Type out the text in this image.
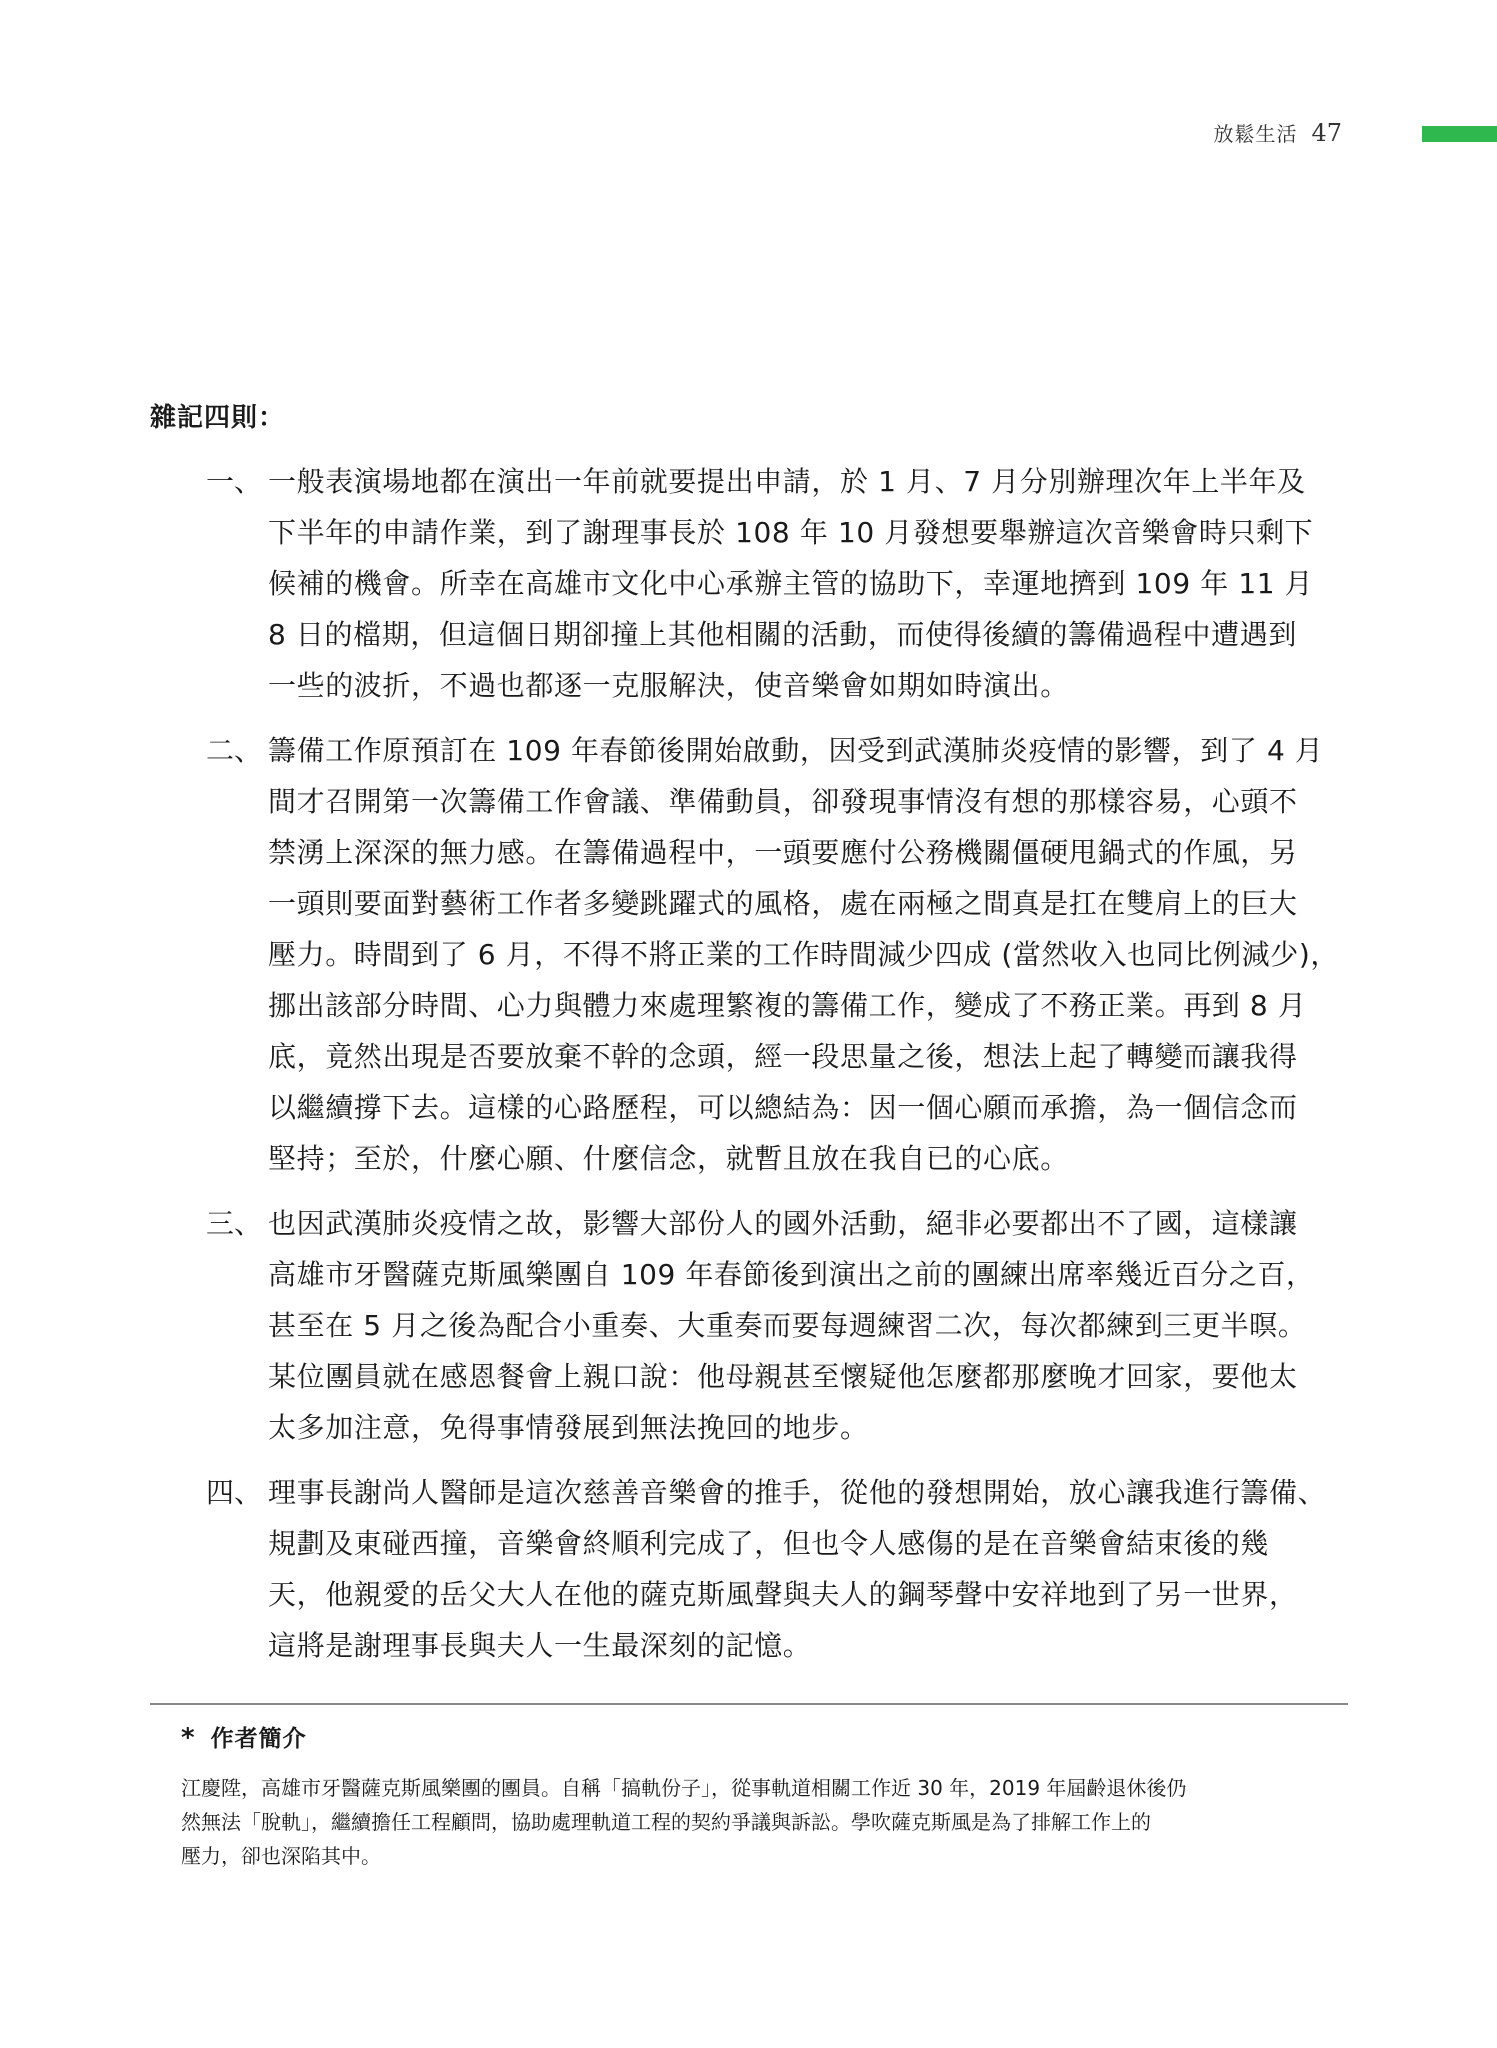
放鬆生活 47
雜記四則：
一、 一般表演場地都在演出一年前就要提出申請，於 1 月、7 月分別辦理次年上半年及
下半年的申請作業，到了謝理事長於 108 年 10 月發想要舉辦這次音樂會時只剩下
候補的機會。所幸在高雄市文化中心承辦主管的協助下，幸運地擠到 109 年 11 月
8 日的檔期，但這個日期卻撞上其他相關的活動，而使得後續的籌備過程中遭遇到
一些的波折，不過也都逐一克服解決，使音樂會如期如時演出。
二、 籌備工作原預訂在 109 年春節後開始啟動，因受到武漢肺炎疫情的影響，到了 4 月
間才召開第一次籌備工作會議、準備動員，卻發現事情沒有想的那樣容易，心頭不
禁湧上深深的無力感。在籌備過程中，一頭要應付公務機關僵硬甩鍋式的作風，另
一頭則要面對藝術工作者多變跳躍式的風格，處在兩極之間真是扛在雙肩上的巨大
壓力。時間到了 6 月，不得不將正業的工作時間減少四成 (當然收入也同比例減少)，
挪出該部分時間、心力與體力來處理繁複的籌備工作，變成了不務正業。再到 8 月
底，竟然出現是否要放棄不幹的念頭，經一段思量之後，想法上起了轉變而讓我得
以繼續撐下去。這樣的心路歷程，可以總結為：因一個心願而承擔，為一個信念而
堅持；至於，什麼心願、什麼信念，就暫且放在我自已的心底。
三、 也因武漢肺炎疫情之故，影響大部份人的國外活動，絕非必要都出不了國，這樣讓
高雄市牙醫薩克斯風樂團自 109 年春節後到演出之前的團練出席率幾近百分之百，
甚至在 5 月之後為配合小重奏、大重奏而要每週練習二次，每次都練到三更半暝。
某位團員就在感恩餐會上親口說：他母親甚至懷疑他怎麼都那麼晚才回家，要他太
太多加注意，免得事情發展到無法挽回的地步。
四、 理事長謝尚人醫師是這次慈善音樂會的推手，從他的發想開始，放心讓我進行籌備、
規劃及東碰西撞，音樂會終順利完成了，但也令人感傷的是在音樂會結束後的幾
天，他親愛的岳父大人在他的薩克斯風聲與夫人的鋼琴聲中安祥地到了另一世界，
這將是謝理事長與夫人一生最深刻的記憶。
* 作者簡介
江慶陞，高雄市牙醫薩克斯風樂團的團員。自稱「搞軌份子」，從事軌道相關工作近 30 年，2019 年屆齡退休後仍
然無法「脫軌」，繼續擔任工程顧問，協助處理軌道工程的契約爭議與訴訟。學吹薩克斯風是為了排解工作上的
壓力，卻也深陷其中。
